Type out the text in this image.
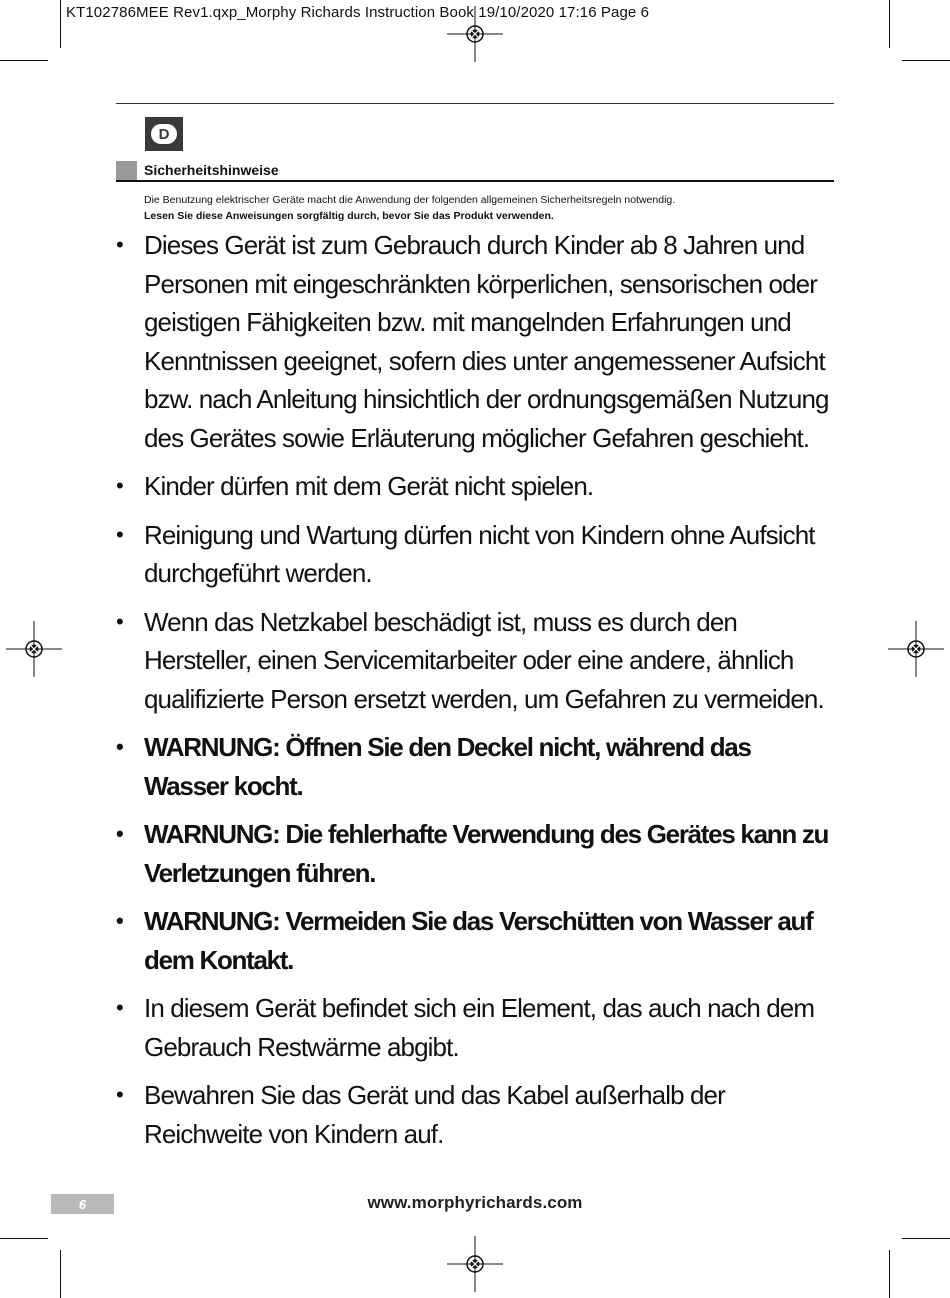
KT102786MEE Rev1.qxp_Morphy Richards Instruction Book 19/10/2020 17:16 Page 6
D
Sicherheitshinweise

Die Benutzung elektrischer Geräte macht die Anwendung der folgenden allgemeinen Sicherheitsregeln notwendig.

Lesen Sie diese Anweisungen sorgfältig durch, bevor Sie das Produkt verwenden.

• Dieses Gerät ist zum Gebrauch durch Kinder ab 8 Jahren und Personen mit eingeschränkten körperlichen, sensorischen oder geistigen Fähigkeiten bzw. mit mangelnden Erfahrungen und Kenntnissen geeignet, sofern dies unter angemessener Aufsicht bzw. nach Anleitung hinsichtlich der ordnungsgemäßen Nutzung des Gerätes sowie Erläuterung möglicher Gefahren geschieht.
• Kinder dürfen mit dem Gerät nicht spielen.
• Reinigung und Wartung dürfen nicht von Kindern ohne Aufsicht durchgeführt werden.
• Wenn das Netzkabel beschädigt ist, muss es durch den Hersteller, einen Servicemitarbeiter oder eine andere, ähnlich qualifizierte Person ersetzt werden, um Gefahren zu vermeiden.
• WARNUNG: Öffnen Sie den Deckel nicht, während das Wasser kocht.
• WARNUNG: Die fehlerhafte Verwendung des Gerätes kann zu Verletzungen führen.
• WARNUNG: Vermeiden Sie das Verschütten von Wasser auf dem Kontakt.
• In diesem Gerät befindet sich ein Element, das auch nach dem Gebrauch Restwärme abgibt.
• Bewahren Sie das Gerät und das Kabel außerhalb der Reichweite von Kindern auf.
6	www.morphyrichards.com
